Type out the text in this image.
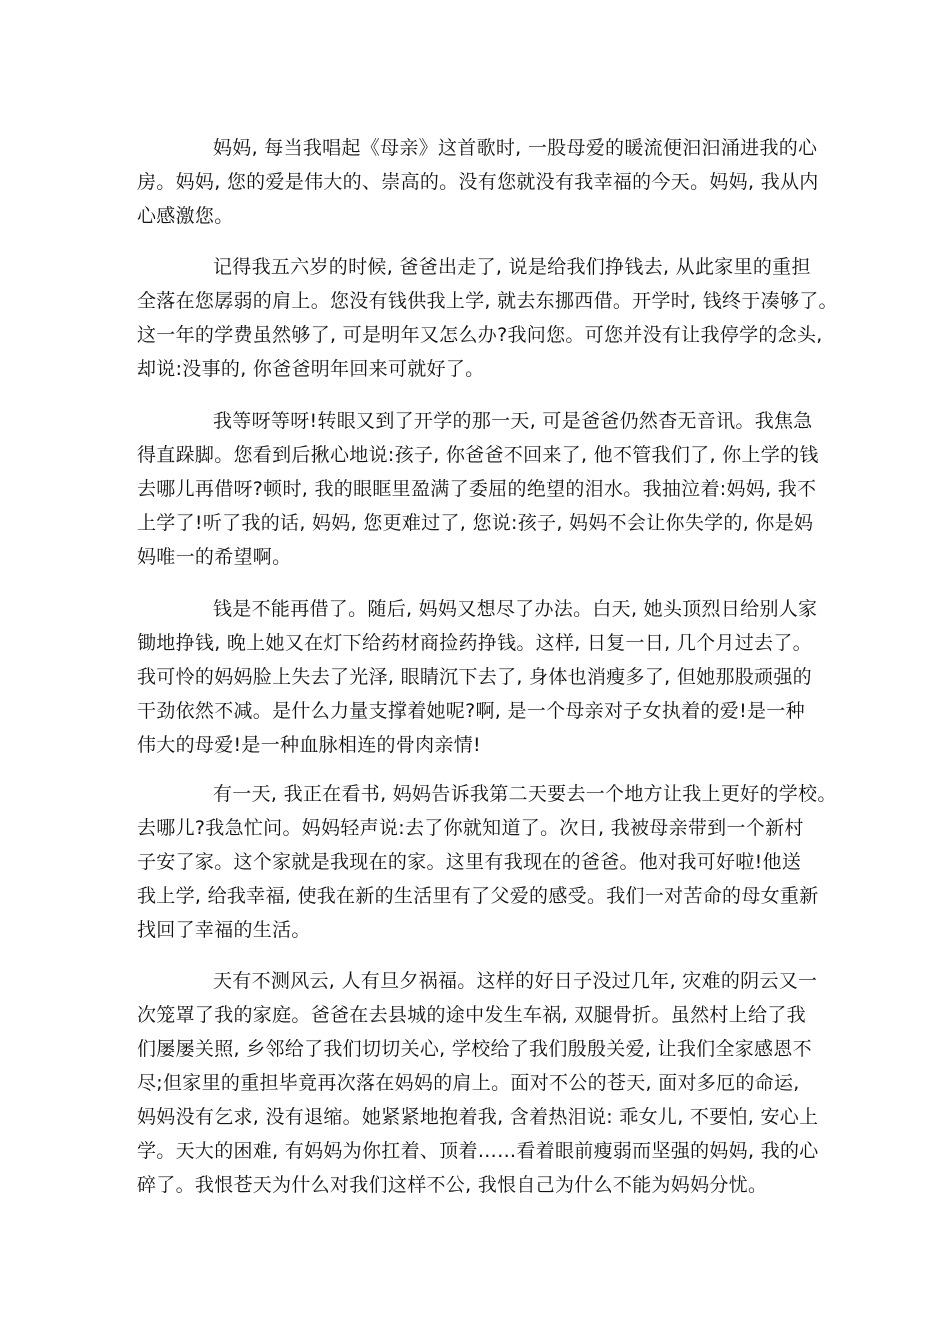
妈妈, 每当我唱起《母亲》这首歌时, 一股母爱的暖流便汩汩涌进我的心
房。妈妈, 您的爱是伟大的、崇高的。没有您就没有我幸福的今天。妈妈, 我从内
心感激您。
记得我五六岁的时候, 爸爸出走了, 说是给我们挣钱去, 从此家里的重担
全落在您孱弱的肩上。您没有钱供我上学, 就去东挪西借。开学时, 钱终于凑够了。
这一年的学费虽然够了, 可是明年又怎么办?我问您。可您并没有让我停学的念头,
却说:没事的, 你爸爸明年回来可就好了。
我等呀等呀!转眼又到了开学的那一天, 可是爸爸仍然杳无音讯。我焦急
得直跺脚。您看到后揪心地说:孩子, 你爸爸不回来了, 他不管我们了, 你上学的钱
去哪儿再借呀?顿时, 我的眼眶里盈满了委屈的绝望的泪水。我抽泣着:妈妈, 我不
上学了!听了我的话, 妈妈, 您更难过了, 您说:孩子, 妈妈不会让你失学的, 你是妈
妈唯一的希望啊。
钱是不能再借了。随后, 妈妈又想尽了办法。白天, 她头顶烈日给别人家
锄地挣钱, 晚上她又在灯下给药材商捡药挣钱。这样, 日复一日, 几个月过去了。
我可怜的妈妈脸上失去了光泽, 眼睛沉下去了, 身体也消瘦多了, 但她那股顽强的
干劲依然不减。是什么力量支撑着她呢?啊, 是一个母亲对子女执着的爱!是一种
伟大的母爱!是一种血脉相连的骨肉亲情!
有一天, 我正在看书, 妈妈告诉我第二天要去一个地方让我上更好的学校。
去哪儿?我急忙问。妈妈轻声说:去了你就知道了。次日, 我被母亲带到一个新村
子安了家。这个家就是我现在的家。这里有我现在的爸爸。他对我可好啦!他送
我上学, 给我幸福, 使我在新的生活里有了父爱的感受。我们一对苦命的母女重新
找回了幸福的生活。
天有不测风云, 人有旦夕祸福。这样的好日子没过几年, 灾难的阴云又一
次笼罩了我的家庭。爸爸在去县城的途中发生车祸, 双腿骨折。虽然村上给了我
们屡屡关照, 乡邻给了我们切切关心, 学校给了我们殷殷关爱, 让我们全家感恩不
尽;但家里的重担毕竟再次落在妈妈的肩上。面对不公的苍天, 面对多厄的命运,
妈妈没有乞求, 没有退缩。她紧紧地抱着我, 含着热泪说: 乖女儿, 不要怕, 安心上
学。天大的困难, 有妈妈为你扛着、顶着……看着眼前瘦弱而坚强的妈妈, 我的心
碎了。我恨苍天为什么对我们这样不公, 我恨自己为什么不能为妈妈分忧。
